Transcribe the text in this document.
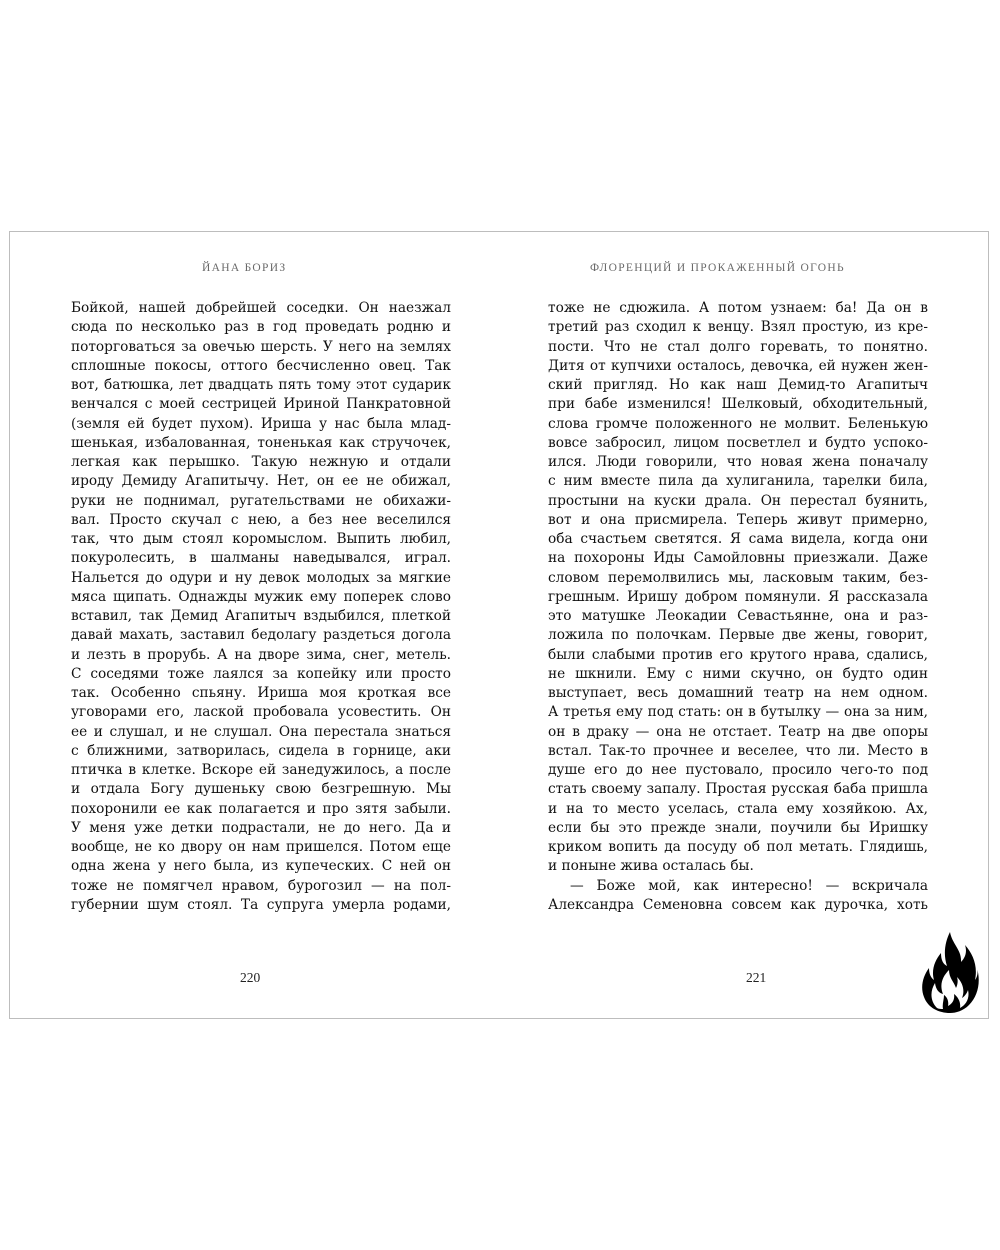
ЙАНА БОРИЗ
Бойкой, нашей добрейшей соседки. Он наезжал
сюда по несколько раз в год проведать родню и
поторговаться за овечью шерсть. У него на землях
сплошные покосы, оттого бесчисленно овец. Так
вот, батюшка, лет двадцать пять тому этот сударик
венчался с моей сестрицей Ириной Панкратовной
(земля ей будет пухом). Ириша у нас была млад-
шенькая, избалованная, тоненькая как стручочек,
легкая как перышко. Такую нежную и отдали
ироду Демиду Агапитычу. Нет, он ее не обижал,
руки не поднимал, ругательствами не обихажи-
вал. Просто скучал с нею, а без нее веселился
так, что дым стоял коромыслом. Выпить любил,
покуролесить, в шалманы наведывался, играл.
Нальется до одури и ну девок молодых за мягкие
мяса щипать. Однажды мужик ему поперек слово
вставил, так Демид Агапитыч вздыбился, плеткой
давай махать, заставил бедолагу раздеться догола
и лезть в прорубь. А на дворе зима, снег, метель.
С соседями тоже лаялся за копейку или просто
так. Особенно спьяну. Ириша моя кроткая все
уговорами его, лаской пробовала усовестить. Он
ее и слушал, и не слушал. Она перестала знаться
с ближними, затворилась, сидела в горнице, аки
птичка в клетке. Вскоре ей занедужилось, а после
и отдала Богу душеньку свою безгрешную. Мы
похоронили ее как полагается и про зятя забыли.
У меня уже детки подрастали, не до него. Да и
вообще, не ко двору он нам пришелся. Потом еще
одна жена у него была, из купеческих. С ней он
тоже не помягчел нравом, бурогозил — на пол-
губернии шум стоял. Та супруга умерла родами,
220
ФЛОРЕНЦИЙ И ПРОКАЖЕННЫЙ ОГОНЬ
тоже не сдюжила. А потом узнаем: ба! Да он в
третий раз сходил к венцу. Взял простую, из кре-
пости. Что не стал долго горевать, то понятно.
Дитя от купчихи осталось, девочка, ей нужен жен-
ский пригляд. Но как наш Демид-то Агапитыч
при бабе изменился! Шелковый, обходительный,
слова громче положенного не молвит. Беленькую
вовсе забросил, лицом посветлел и будто успоко-
ился. Люди говорили, что новая жена поначалу
с ним вместе пила да хулиганила, тарелки била,
простыни на куски драла. Он перестал буянить,
вот и она присмирела. Теперь живут примерно,
оба счастьем светятся. Я сама видела, когда они
на похороны Иды Самойловны приезжали. Даже
словом перемолвились мы, ласковым таким, без-
грешным. Иришу добром помянули. Я рассказала
это матушке Леокадии Севастьянне, она и раз-
ложила по полочкам. Первые две жены, говорит,
были слабыми против его крутого нрава, сдались,
не шкнили. Ему с ними скучно, он будто один
выступает, весь домашний театр на нем одном.
А третья ему под стать: он в бутылку — она за ним,
он в драку — она не отстает. Театр на две опоры
встал. Так-то прочнее и веселее, что ли. Место в
душе его до нее пустовало, просило чего-то под
стать своему запалу. Простая русская баба пришла
и на то место уселась, стала ему хозяйкою. Ах,
если бы это прежде знали, поучили бы Иришку
криком вопить да посуду об пол метать. Глядишь,
и поныне жива осталась бы.
— Боже мой, как интересно! — вскричала
Александра Семеновна совсем как дурочка, хоть
221
